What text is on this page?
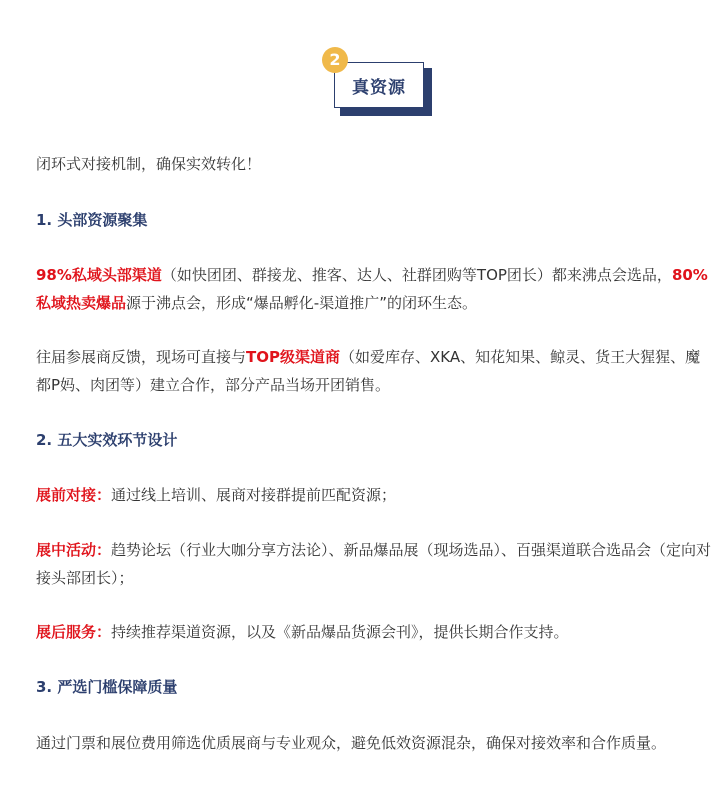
2
真资源

闭环式对接机制，确保实效转化！

1. 头部资源聚集

98%私域头部渠道（如快团团、群接龙、推客、达人、社群团购等TOP团长）都来沸点会选品，80%私域热卖爆品源于沸点会，形成“爆品孵化-渠道推广”的闭环生态。

往届参展商反馈，现场可直接与TOP级渠道商（如爱库存、XKA、知花知果、鲸灵、货王大猩猩、魔都P妈、肉团等）建立合作，部分产品当场开团销售。

2. 五大实效环节设计

展前对接：通过线上培训、展商对接群提前匹配资源；

展中活动：趋势论坛（行业大咖分享方法论）、新品爆品展（现场选品）、百强渠道联合选品会（定向对接头部团长）；

展后服务：持续推荐渠道资源，以及《新品爆品货源会刊》，提供长期合作支持。

3. 严选门槛保障质量

通过门票和展位费用筛选优质展商与专业观众，避免低效资源混杂，确保对接效率和合作质量。
